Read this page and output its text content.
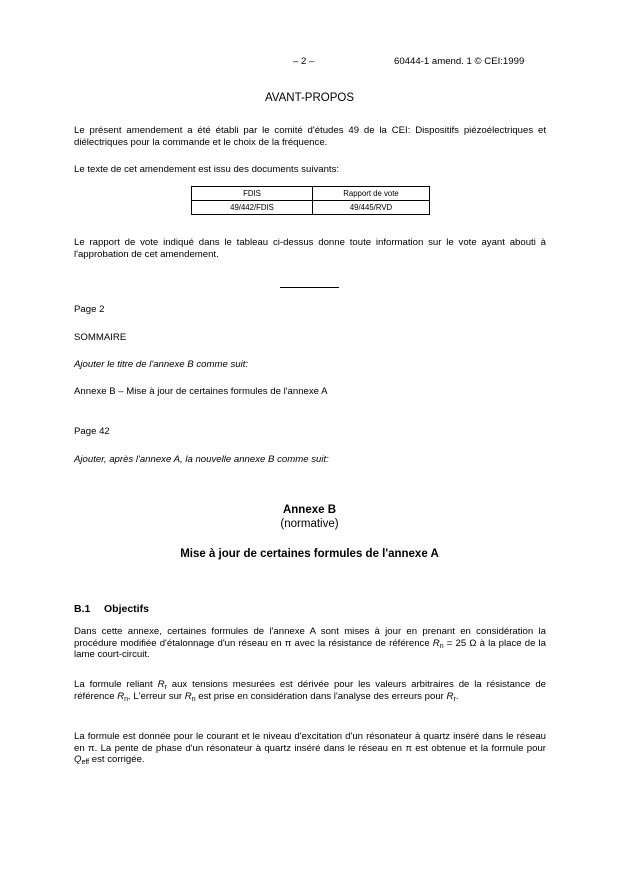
– 2 –	60444-1 amend. 1 © CEI:1999
AVANT-PROPOS
Le présent amendement a été établi par le comité d'études 49 de la CEI: Dispositifs piézoélectriques et diélectriques pour la commande et le choix de la fréquence.
Le texte de cet amendement est issu des documents suivants:
FDIS	Rapport de vote
49/442/FDIS	49/445/RVD
Le rapport de vote indiqué dans le tableau ci-dessus donne toute information sur le vote ayant abouti à l'approbation de cet amendement.
Page 2
SOMMAIRE
Ajouter le titre de l'annexe B comme suit:
Annexe B – Mise à jour de certaines formules de l'annexe A
Page 42
Ajouter, après l'annexe A, la nouvelle annexe B comme suit:
Annexe B
(normative)
Mise à jour de certaines formules de l'annexe A
B.1 Objectifs
Dans cette annexe, certaines formules de l'annexe A sont mises à jour en prenant en considération la procédure modifiée d'étalonnage d'un réseau en π avec la résistance de référence $R_n = 25$ Ω à la place de la lame court-circuit.
La formule reliant $R_r$ aux tensions mesurées est dérivée pour les valeurs arbitraires de la résistance de référence $R_n$. L'erreur sur $R_n$ est prise en considération dans l'analyse des erreurs pour $R_r$.
La formule est donnée pour le courant et le niveau d'excitation d'un résonateur à quartz inséré dans le réseau en π. La pente de phase d'un résonateur à quartz inséré dans le réseau en π est obtenue et la formule pour $Q_{eff}$ est corrigée.
